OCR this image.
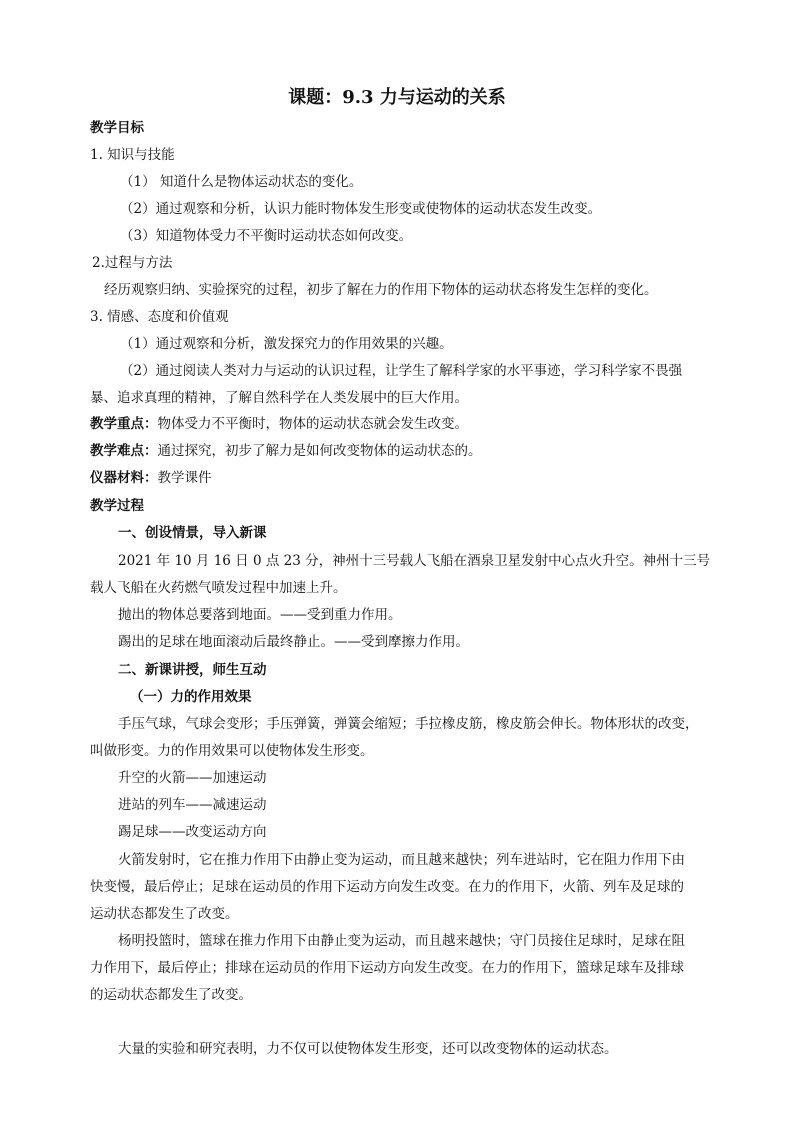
课题：9.3 力与运动的关系
教学目标
1. 知识与技能
（1） 知道什么是物体运动状态的变化。
（2）通过观察和分析，认识力能时物体发生形变或使物体的运动状态发生改变。
（3）知道物体受力不平衡时运动状态如何改变。
2.过程与方法
经历观察归纳、实验探究的过程，初步了解在力的作用下物体的运动状态将发生怎样的变化。
3. 情感、态度和价值观
（1）通过观察和分析，激发探究力的作用效果的兴趣。
（2）通过阅读人类对力与运动的认识过程，让学生了解科学家的水平事迹，学习科学家不畏强
暴、追求真理的精神，了解自然科学在人类发展中的巨大作用。
教学重点：物体受力不平衡时，物体的运动状态就会发生改变。
教学难点：通过探究，初步了解力是如何改变物体的运动状态的。
仪器材料：教学课件
教学过程
一、创设情景，导入新课
2021 年 10 月 16 日 0 点 23 分，神州十三号载人飞船在酒泉卫星发射中心点火升空。神州十三号
载人飞船在火药燃气喷发过程中加速上升。
抛出的物体总要落到地面。——受到重力作用。
踢出的足球在地面滚动后最终静止。——受到摩擦力作用。
二、新课讲授，师生互动
（一）力的作用效果
手压气球，气球会变形；手压弹簧，弹簧会缩短；手拉橡皮筋，橡皮筋会伸长。物体形状的改变，
叫做形变。力的作用效果可以使物体发生形变。
升空的火箭——加速运动
进站的列车——减速运动
踢足球——改变运动方向
火箭发射时，它在推力作用下由静止变为运动，而且越来越快；列车进站时，它在阻力作用下由
快变慢，最后停止；足球在运动员的作用下运动方向发生改变。在力的作用下，火箭、列车及足球的
运动状态都发生了改变。
杨明投篮时，篮球在推力作用下由静止变为运动，而且越来越快；守门员接住足球时，足球在阻
力作用下，最后停止；排球在运动员的作用下运动方向发生改变。在力的作用下，篮球足球车及排球
的运动状态都发生了改变。
大量的实验和研究表明，力不仅可以使物体发生形变，还可以改变物体的运动状态。
